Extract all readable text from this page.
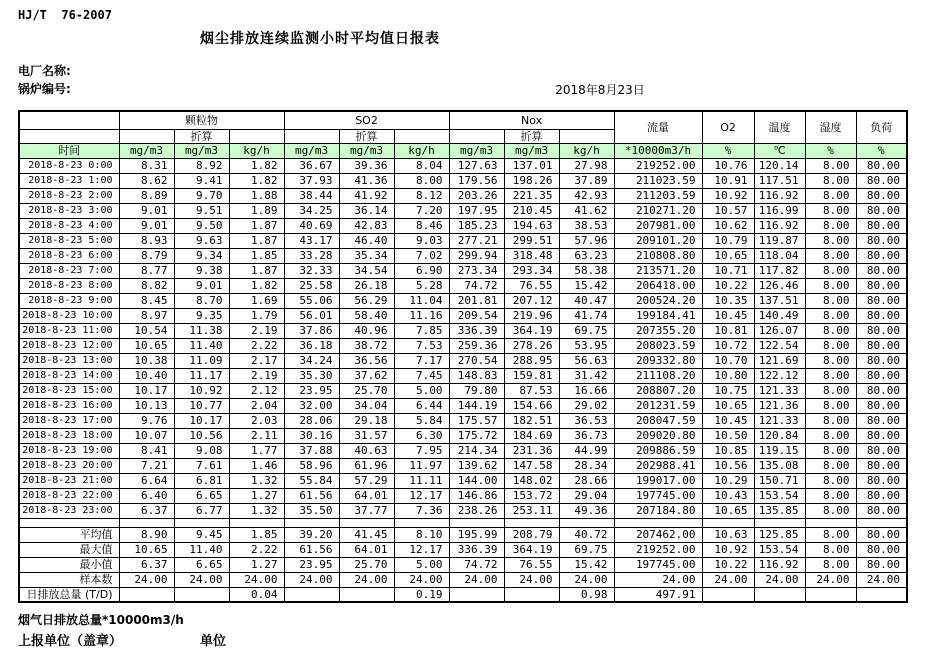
HJ/T  76-2007
烟尘排放连续监测小时平均值日报表
电厂名称:
锅炉编号:	2018年8月23日
	颗粒物			SO2			Nox			流量	O2	温度	湿度	负荷
		折算			折算			折算						
时间	mg/m3	mg/m3	kg/h	mg/m3	mg/m3	kg/h	mg/m3	mg/m3	kg/h	*10000m3/h	%	℃	%	%
2018-8-23 0:00	8.31	8.92	1.82	36.67	39.36	8.04	127.63	137.01	27.98	219252.00	10.76	120.14	8.00	80.00
2018-8-23 1:00	8.62	9.41	1.82	37.93	41.36	8.00	179.56	198.26	37.89	211023.59	10.91	117.51	8.00	80.00
2018-8-23 2:00	8.89	9.70	1.88	38.44	41.92	8.12	203.26	221.35	42.93	211203.59	10.92	116.92	8.00	80.00
2018-8-23 3:00	9.01	9.51	1.89	34.25	36.14	7.20	197.95	210.45	41.62	210271.20	10.57	116.99	8.00	80.00
2018-8-23 4:00	9.01	9.50	1.87	40.69	42.83	8.46	185.23	194.63	38.53	207981.00	10.62	116.92	8.00	80.00
2018-8-23 5:00	8.93	9.63	1.87	43.17	46.40	9.03	277.21	299.51	57.96	209101.20	10.79	119.87	8.00	80.00
2018-8-23 6:00	8.79	9.34	1.85	33.28	35.34	7.02	299.94	318.48	63.23	210808.80	10.65	118.04	8.00	80.00
2018-8-23 7:00	8.77	9.38	1.87	32.33	34.54	6.90	273.34	293.34	58.38	213571.20	10.71	117.82	8.00	80.00
2018-8-23 8:00	8.82	9.01	1.82	25.58	26.18	5.28	74.72	76.55	15.42	206418.00	10.22	126.46	8.00	80.00
2018-8-23 9:00	8.45	8.70	1.69	55.06	56.29	11.04	201.81	207.12	40.47	200524.20	10.35	137.51	8.00	80.00
2018-8-23 10:00	8.97	9.35	1.79	56.01	58.40	11.16	209.54	219.96	41.74	199184.41	10.45	140.49	8.00	80.00
2018-8-23 11:00	10.54	11.38	2.19	37.86	40.96	7.85	336.39	364.19	69.75	207355.20	10.81	126.07	8.00	80.00
2018-8-23 12:00	10.65	11.40	2.22	36.18	38.72	7.53	259.36	278.26	53.95	208023.59	10.72	122.54	8.00	80.00
2018-8-23 13:00	10.38	11.09	2.17	34.24	36.56	7.17	270.54	288.95	56.63	209332.80	10.70	121.69	8.00	80.00
2018-8-23 14:00	10.40	11.17	2.19	35.30	37.62	7.45	148.83	159.81	31.42	211108.20	10.80	122.12	8.00	80.00
2018-8-23 15:00	10.17	10.92	2.12	23.95	25.70	5.00	79.80	87.53	16.66	208807.20	10.75	121.33	8.00	80.00
2018-8-23 16:00	10.13	10.77	2.04	32.00	34.04	6.44	144.19	154.66	29.02	201231.59	10.65	121.36	8.00	80.00
2018-8-23 17:00	9.76	10.17	2.03	28.06	29.18	5.84	175.57	182.51	36.53	208047.59	10.45	121.33	8.00	80.00
2018-8-23 18:00	10.07	10.56	2.11	30.16	31.57	6.30	175.72	184.69	36.73	209020.80	10.50	120.84	8.00	80.00
2018-8-23 19:00	8.41	9.08	1.77	37.88	40.63	7.95	214.34	231.36	44.99	209886.59	10.85	119.15	8.00	80.00
2018-8-23 20:00	7.21	7.61	1.46	58.96	61.96	11.97	139.62	147.58	28.34	202988.41	10.56	135.08	8.00	80.00
2018-8-23 21:00	6.64	6.81	1.32	55.84	57.29	11.11	144.00	148.02	28.66	199017.00	10.29	150.71	8.00	80.00
2018-8-23 22:00	6.40	6.65	1.27	61.56	64.01	12.17	146.86	153.72	29.04	197745.00	10.43	153.54	8.00	80.00
2018-8-23 23:00	6.37	6.77	1.32	35.50	37.77	7.36	238.26	253.11	49.36	207184.80	10.65	135.85	8.00	80.00

平均值	8.90	9.45	1.85	39.20	41.45	8.10	195.99	208.79	40.72	207462.00	10.63	125.85	8.00	80.00
最大值	10.65	11.40	2.22	61.56	64.01	12.17	336.39	364.19	69.75	219252.00	10.92	153.54	8.00	80.00
最小值	6.37	6.65	1.27	23.95	25.70	5.00	74.72	76.55	15.42	197745.00	10.22	116.92	8.00	80.00
样本数	24.00	24.00	24.00	24.00	24.00	24.00	24.00	24.00	24.00	24.00	24.00	24.00	24.00	24.00
日排放总量 (T/D)			0.04			0.19			0.98	497.91				
烟气日排放总量*10000m3/h
上报单位（盖章）	单位
